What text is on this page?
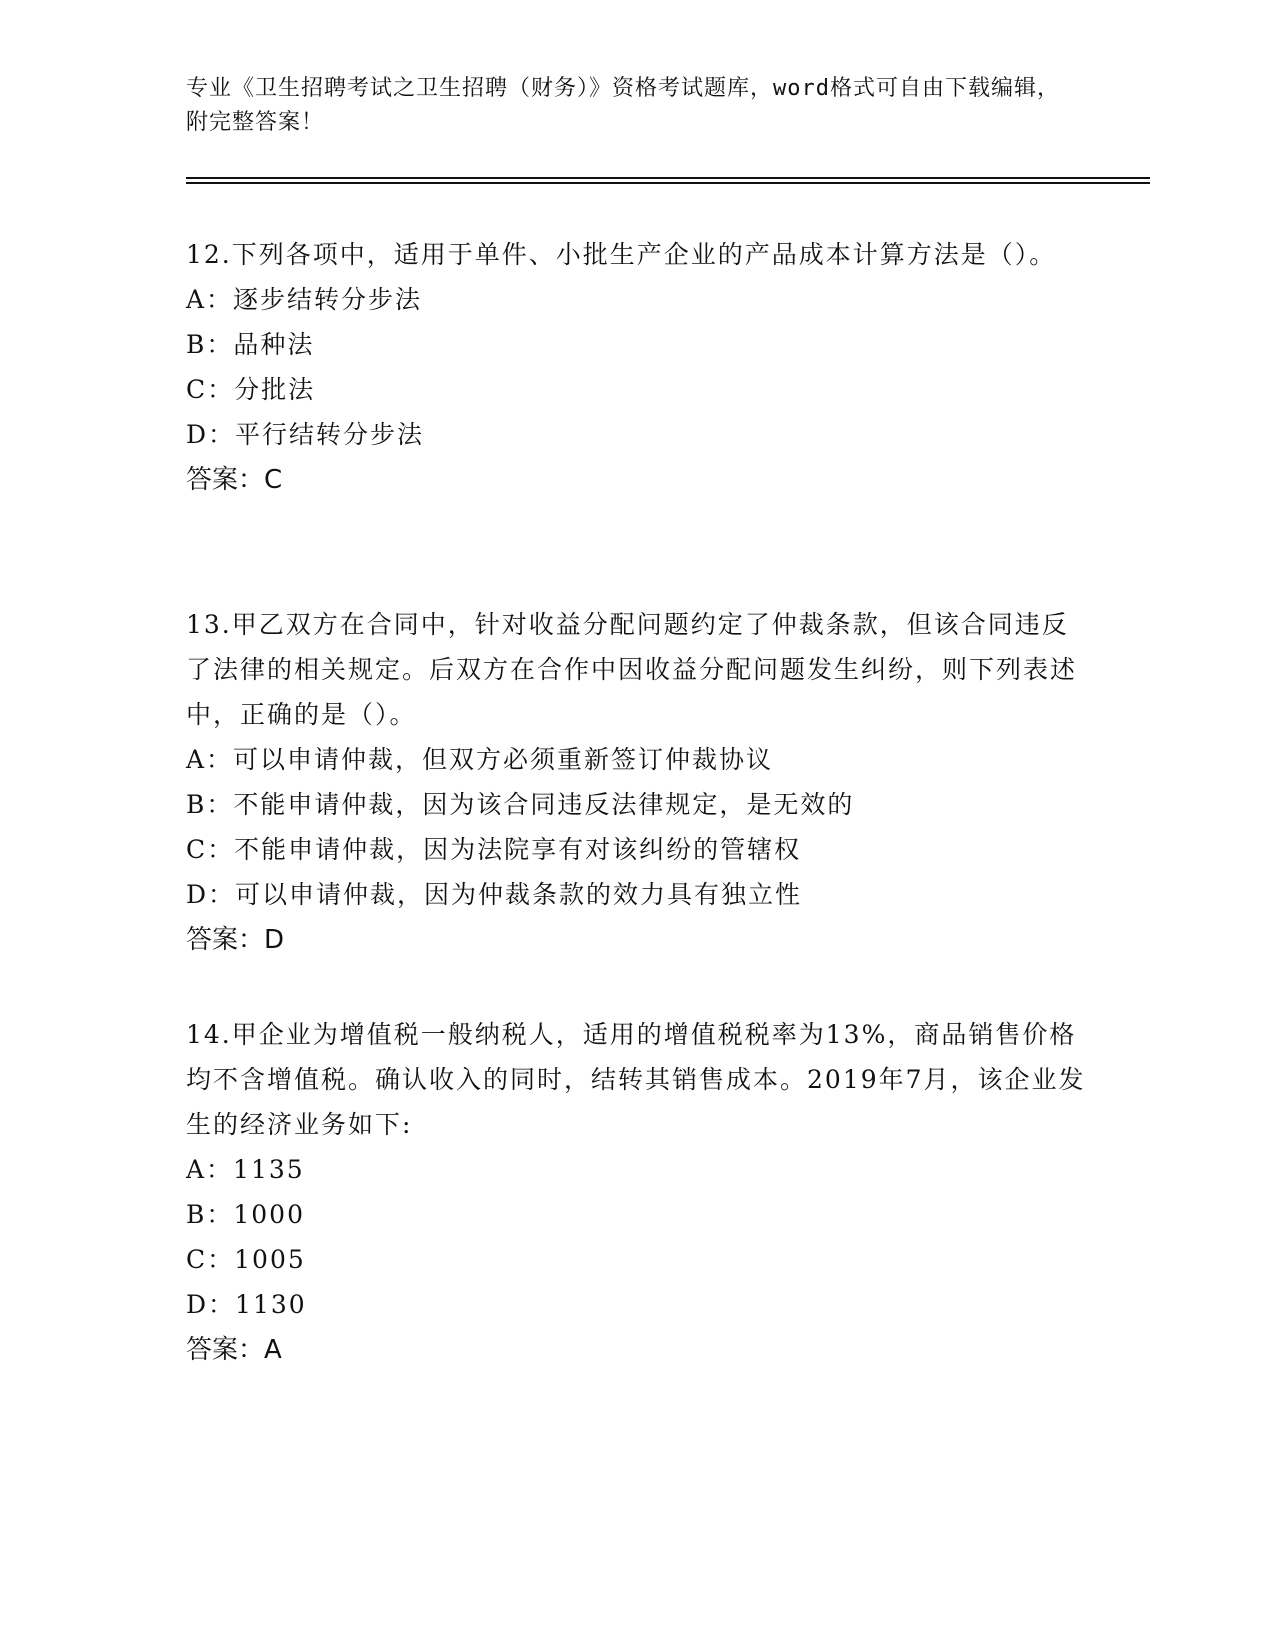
专业《卫生招聘考试之卫生招聘（财务）》资格考试题库，word格式可自由下载编辑，附完整答案！

12.下列各项中，适用于单件、小批生产企业的产品成本计算方法是（）。

A：逐步结转分步法

B：品种法

C：分批法

D：平行结转分步法

答案：C

13.甲乙双方在合同中，针对收益分配问题约定了仲裁条款，但该合同违反了法律的相关规定。后双方在合作中因收益分配问题发生纠纷，则下列表述中，正确的是（）。

A：可以申请仲裁，但双方必须重新签订仲裁协议

B：不能申请仲裁，因为该合同违反法律规定，是无效的

C：不能申请仲裁，因为法院享有对该纠纷的管辖权

D：可以申请仲裁，因为仲裁条款的效力具有独立性

答案：D

14.甲企业为增值税一般纳税人，适用的增值税税率为13%，商品销售价格均不含增值税。确认收入的同时，结转其销售成本。2019年7月，该企业发生的经济业务如下:

A：1135

B：1000

C：1005

D：1130

答案：A
